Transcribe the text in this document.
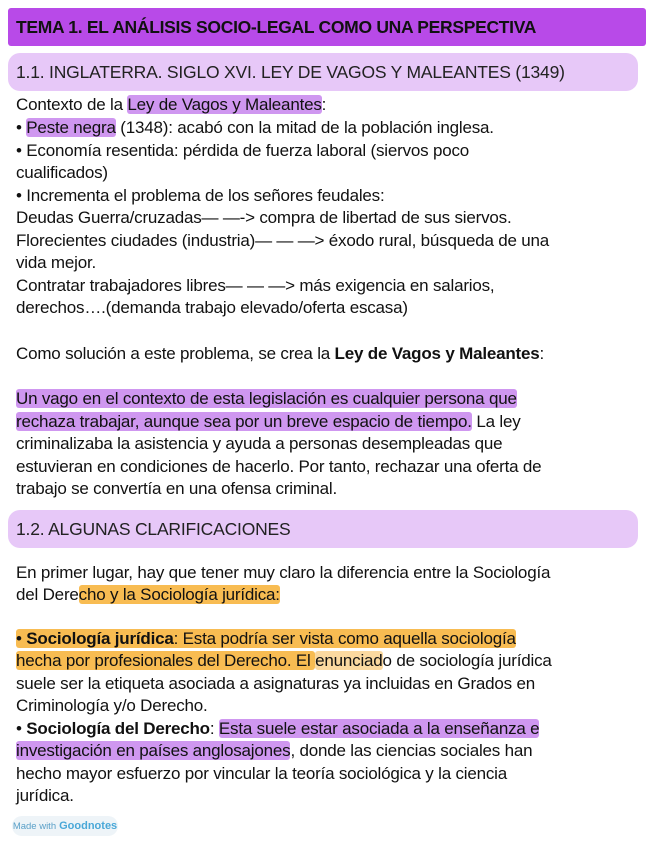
TEMA 1. EL ANÁLISIS SOCIO-LEGAL COMO UNA PERSPECTIVA
1.1. INGLATERRA. SIGLO XVI. LEY DE VAGOS Y MALEANTES (1349)
Contexto de la Ley de Vagos y Maleantes:
• Peste negra (1348): acabó con la mitad de la población inglesa.
• Economía resentida: pérdida de fuerza laboral (siervos poco
cualificados)
• Incrementa el problema de los señores feudales:
Deudas Guerra/cruzadas— —-> compra de libertad de sus siervos.
Florecientes ciudades (industria)— — —> éxodo rural, búsqueda de una
vida mejor.
Contratar trabajadores libres— — —> más exigencia en salarios,
derechos….(demanda trabajo elevado/oferta escasa)
Como solución a este problema, se crea la Ley de Vagos y Maleantes:
Un vago en el contexto de esta legislación es cualquier persona que
rechaza trabajar, aunque sea por un breve espacio de tiempo. La ley
criminalizaba la asistencia y ayuda a personas desempleadas que
estuvieran en condiciones de hacerlo. Por tanto, rechazar una oferta de
trabajo se convertía en una ofensa criminal.
1.2. ALGUNAS CLARIFICACIONES
En primer lugar, hay que tener muy claro la diferencia entre la Sociología
del Derecho y la Sociología jurídica:
• Sociología jurídica: Esta podría ser vista como aquella sociología
hecha por profesionales del Derecho. El enunciado de sociología jurídica
suele ser la etiqueta asociada a asignaturas ya incluidas en Grados en
Criminología y/o Derecho.
• Sociología del Derecho: Esta suele estar asociada a la enseñanza e
investigación en países anglosajones, donde las ciencias sociales han
hecho mayor esfuerzo por vincular la teoría sociológica y la ciencia
jurídica.
Made with Goodnotes
